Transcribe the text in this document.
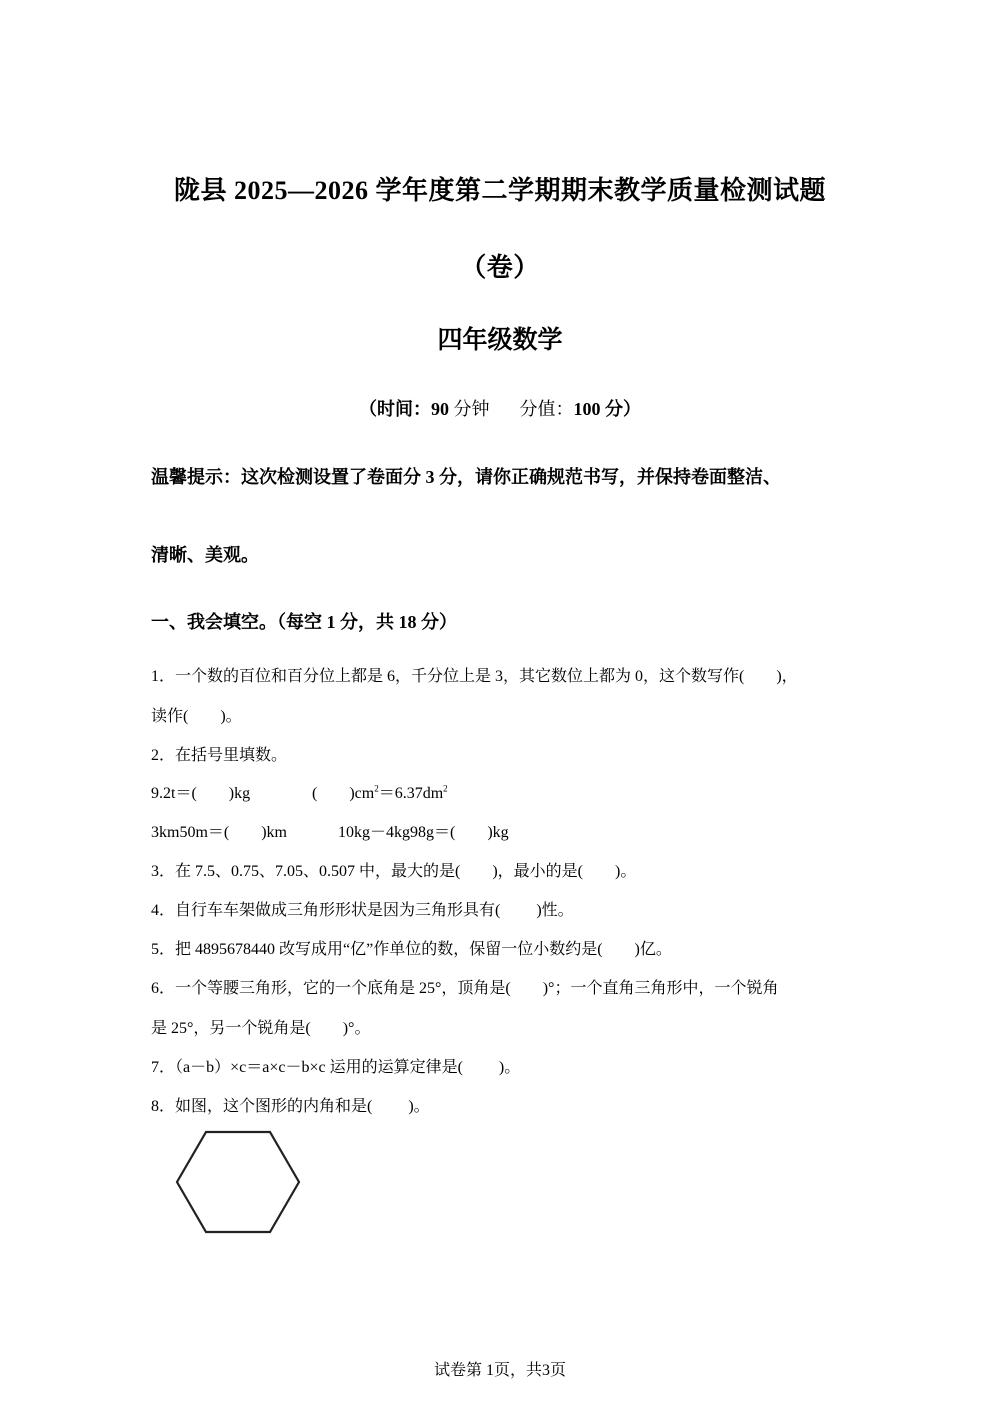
陇县 2025—2026 学年度第二学期期末教学质量检测试题
（卷）
四年级数学
（时间：90 分钟 分值：100 分）
温馨提示：这次检测设置了卷面分 3 分，请你正确规范书写，并保持卷面整洁、
清晰、美观。
一、我会填空。（每空 1 分，共 18 分）
1．一个数的百位和百分位上都是 6，千分位上是 3，其它数位上都为 0，这个数写作(　　)，
读作(　　)。
2．在括号里填数。
9.2t＝(　　)kg	(　　)$cm^2=6.37dm^2$
3km50m＝(　　)km	10kg－4kg98g＝(　　)kg
3．在 7.5、0.75、7.05、0.507 中，最大的是(　　)，最小的是(　　)。
4．自行车车架做成三角形形状是因为三角形具有(　　 )性。
5．把 4895678440 改写成用“亿”作单位的数，保留一位小数约是(　　)亿。
6．一个等腰三角形，它的一个底角是 25°，顶角是(　　)°；一个直角三角形中，一个锐角
是 25°，另一个锐角是(　　)°。
7．（a－b）×c＝a×c－b×c 运用的运算定律是(　　 )。
8．如图，这个图形的内角和是(　　 )。
试卷第 1页，共3页
